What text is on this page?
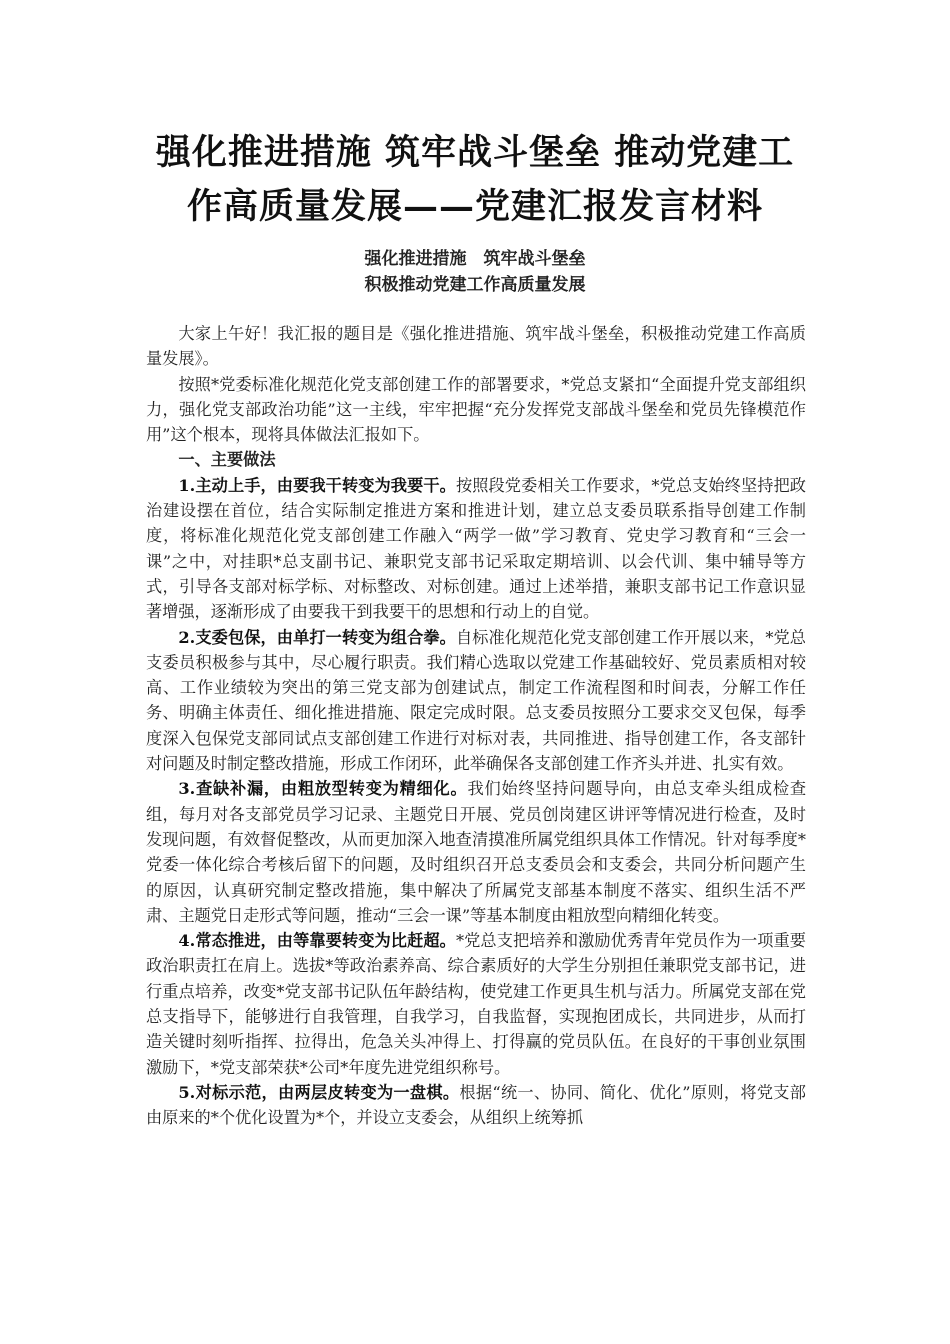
强化推进措施 筑牢战斗堡垒 推动党建工作高质量发展——党建汇报发言材料
强化推进措施　筑牢战斗堡垒
积极推动党建工作高质量发展

大家上午好！我汇报的题目是《强化推进措施、筑牢战斗堡垒，积极推动党建工作高质量发展》。

按照*党委标准化规范化党支部创建工作的部署要求，*党总支紧扣“全面提升党支部组织力，强化党支部政治功能”这一主线，牢牢把握“充分发挥党支部战斗堡垒和党员先锋模范作用”这个根本，现将具体做法汇报如下。

一、主要做法

1.主动上手，由要我干转变为我要干。按照段党委相关工作要求，*党总支始终坚持把政治建设摆在首位，结合实际制定推进方案和推进计划，建立总支委员联系指导创建工作制度，将标准化规范化党支部创建工作融入“两学一做”学习教育、党史学习教育和“三会一课”之中，对挂职*总支副书记、兼职党支部书记采取定期培训、以会代训、集中辅导等方式，引导各支部对标学标、对标整改、对标创建。通过上述举措，兼职支部书记工作意识显著增强，逐渐形成了由要我干到我要干的思想和行动上的自觉。

2.支委包保，由单打一转变为组合拳。自标准化规范化党支部创建工作开展以来，*党总支委员积极参与其中，尽心履行职责。我们精心选取以党建工作基础较好、党员素质相对较高、工作业绩较为突出的第三党支部为创建试点，制定工作流程图和时间表，分解工作任务、明确主体责任、细化推进措施、限定完成时限。总支委员按照分工要求交叉包保，每季度深入包保党支部同试点支部创建工作进行对标对表，共同推进、指导创建工作，各支部针对问题及时制定整改措施，形成工作闭环，此举确保各支部创建工作齐头并进、扎实有效。

3.查缺补漏，由粗放型转变为精细化。我们始终坚持问题导向，由总支牵头组成检查组，每月对各支部党员学习记录、主题党日开展、党员创岗建区讲评等情况进行检查，及时发现问题，有效督促整改，从而更加深入地查清摸准所属党组织具体工作情况。针对每季度*党委一体化综合考核后留下的问题，及时组织召开总支委员会和支委会，共同分析问题产生的原因，认真研究制定整改措施，集中解决了所属党支部基本制度不落实、组织生活不严肃、主题党日走形式等问题，推动“三会一课”等基本制度由粗放型向精细化转变。

4.常态推进，由等靠要转变为比赶超。*党总支把培养和激励优秀青年党员作为一项重要政治职责扛在肩上。选拔*等政治素养高、综合素质好的大学生分别担任兼职党支部书记，进行重点培养，改变*党支部书记队伍年龄结构，使党建工作更具生机与活力。所属党支部在党总支指导下，能够进行自我管理，自我学习，自我监督，实现抱团成长，共同进步，从而打造关键时刻听指挥、拉得出，危急关头冲得上、打得赢的党员队伍。在良好的干事创业氛围激励下，*党支部荣获*公司*年度先进党组织称号。

5.对标示范，由两层皮转变为一盘棋。根据“统一、协同、简化、优化”原则，将党支部由原来的*个优化设置为*个，并设立支委会，从组织上统筹抓
